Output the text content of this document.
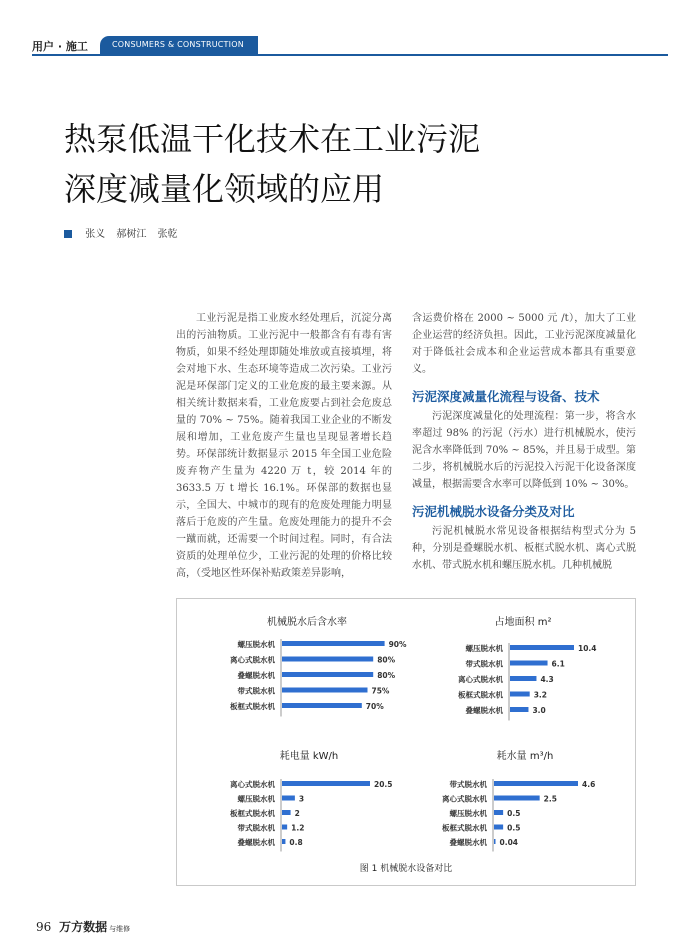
用户 · 施工	CONSUMERS & CONSTRUCTION
热泵低温干化技术在工业污泥
深度减量化领域的应用
张义 郝树江 张乾

工业污泥是指工业废水经处理后，沉淀分离出的污油物质。工业污泥中一般都含有有毒有害物质，如果不经处理即随处堆放或直接填埋，将会对地下水、生态环境等造成二次污染。工业污泥是环保部门定义的工业危废的最主要来源。从相关统计数据来看，工业危废要占到社会危废总量的 70% ~ 75%。随着我国工业企业的不断发展和增加，工业危废产生量也呈现显著增长趋势。环保部统计数据显示 2015 年全国工业危险废弃物产生量为 4220 万 t，较 2014 年的 3633.5 万 t 增长 16.1%。环保部的数据也显示，全国大、中城市的现有的危废处理能力明显落后于危废的产生量。危废处理能力的提升不会一蹴而就，还需要一个时间过程。同时，有合法资质的处理单位少，工业污泥的处理的价格比较高，（受地区性环保补贴政策差异影响，

含运费价格在 2000 ~ 5000 元 /t），加大了工业企业运营的经济负担。因此，工业污泥深度减量化对于降低社会成本和企业运营成本都具有重要意义。

污泥深度减量化流程与设备、技术

污泥深度减量化的处理流程：第一步，将含水率超过 98% 的污泥（污水）进行机械脱水，使污泥含水率降低到 70% ~ 85%，并且易于成型。第二步，将机械脱水后的污泥投入污泥干化设备深度减量，根据需要含水率可以降低到 10% ~ 30%。

污泥机械脱水设备分类及对比

污泥机械脱水常见设备根据结构型式分为 5 种，分别是叠螺脱水机、板框式脱水机、离心式脱水机、带式脱水机和螺压脱水机。几种机械脱

机械脱水后含水率
螺压脱水机	90%
离心式脱水机	80%
叠螺脱水机	80%
带式脱水机	75%
板框式脱水机	70%
占地面积 m²
螺压脱水机	10.4
带式脱水机	6.1
离心式脱水机	4.3
板框式脱水机	3.2
叠螺脱水机	3.0
耗电量 kW/h
离心式脱水机	20.5
螺压脱水机	3
板框式脱水机	2
带式脱水机 1.2
叠螺脱水机 0.8
耗水量 m³/h
带式脱水机	4.6
离心式脱水机	2.5
螺压脱水机	0.5
板框式脱水机	0.5
叠螺脱水机 0.04
图 1 机械脱水设备对比
96 万方数据 与维修
